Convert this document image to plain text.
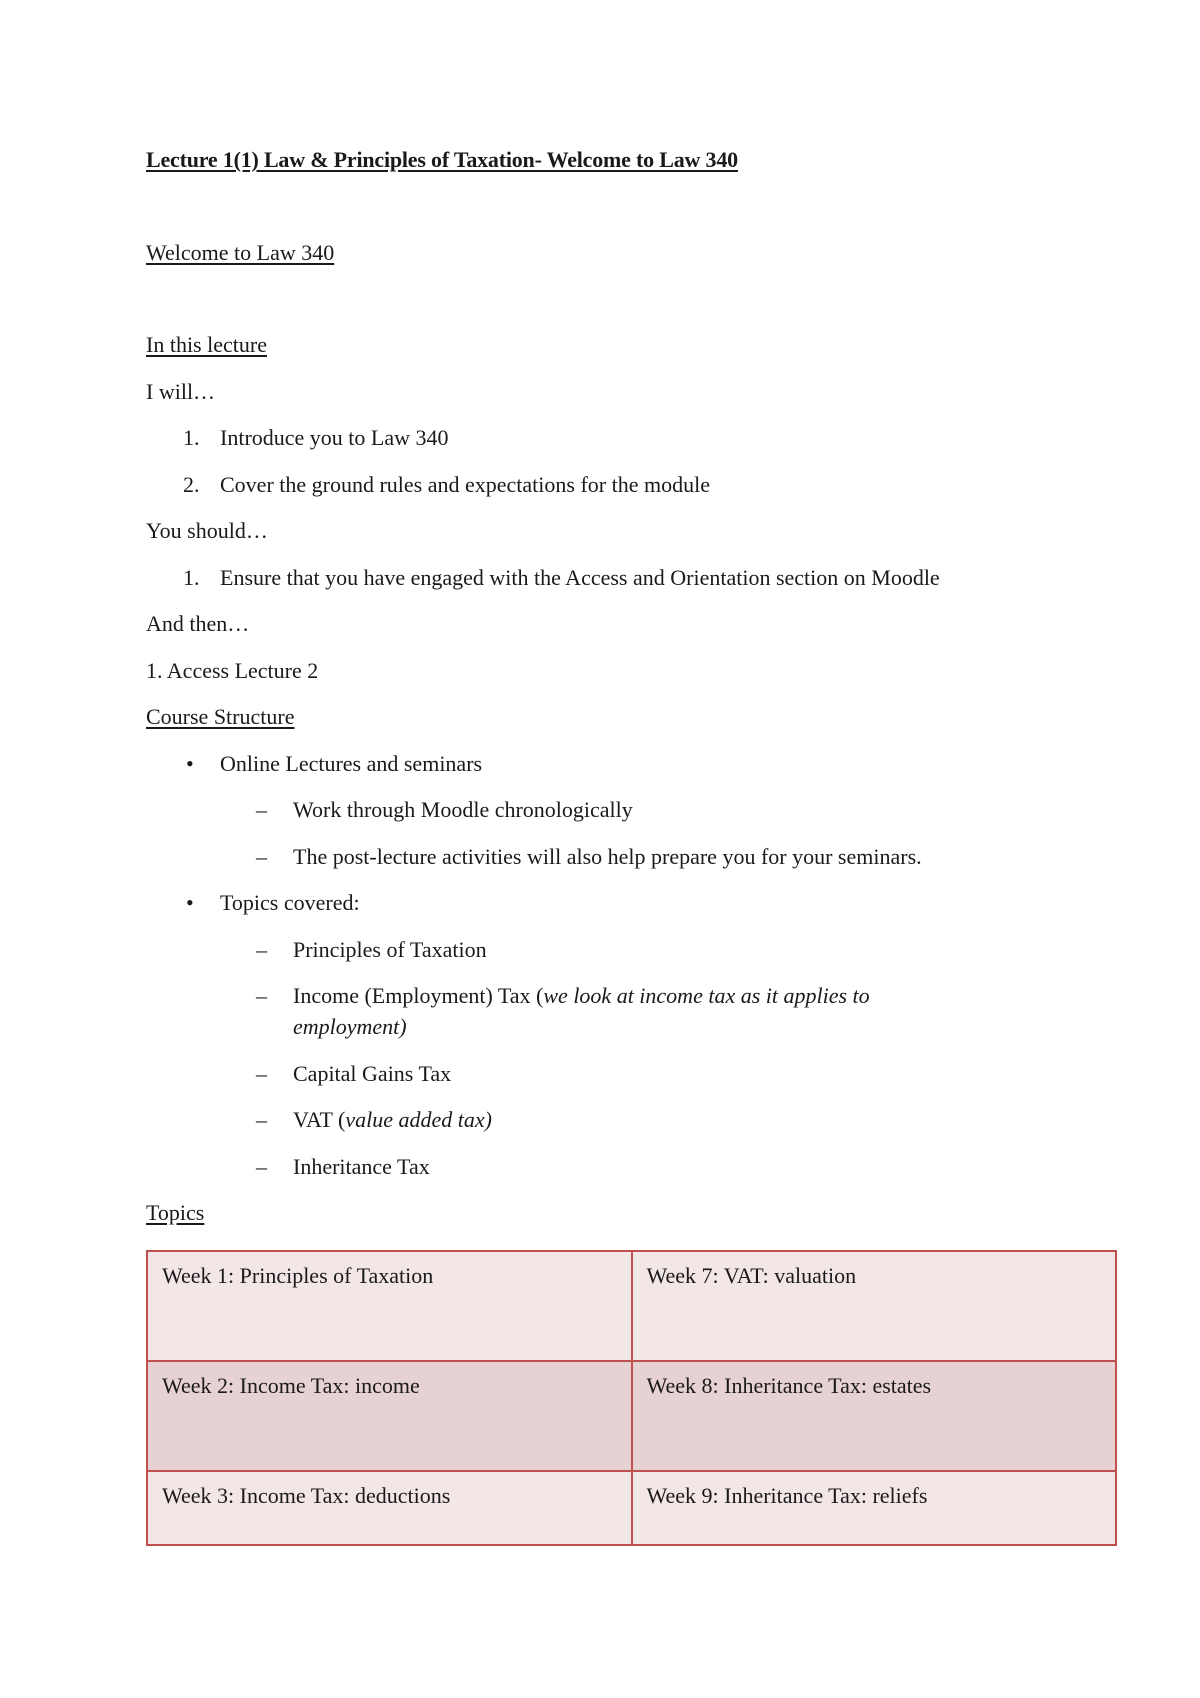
Lecture 1(1) Law & Principles of Taxation- Welcome to Law 340
Welcome to Law 340
In this lecture
I will…
1. Introduce you to Law 340
2. Cover the ground rules and expectations for the module
You should…
1. Ensure that you have engaged with the Access and Orientation section on Moodle
And then…
1. Access Lecture 2
Course Structure
•	Online Lectures and seminars
–	Work through Moodle chronologically
–	The post-lecture activities will also help prepare you for your seminars.
•	Topics covered:
–	Principles of Taxation
–	Income (Employment) Tax (we look at income tax as it applies to
employment)
–	Capital Gains Tax
–	VAT (value added tax)
–	Inheritance Tax
Topics
Week 1: Principles of Taxation	Week 7: VAT: valuation
Week 2: Income Tax: income	Week 8: Inheritance Tax: estates
Week 3: Income Tax: deductions	Week 9: Inheritance Tax: reliefs
